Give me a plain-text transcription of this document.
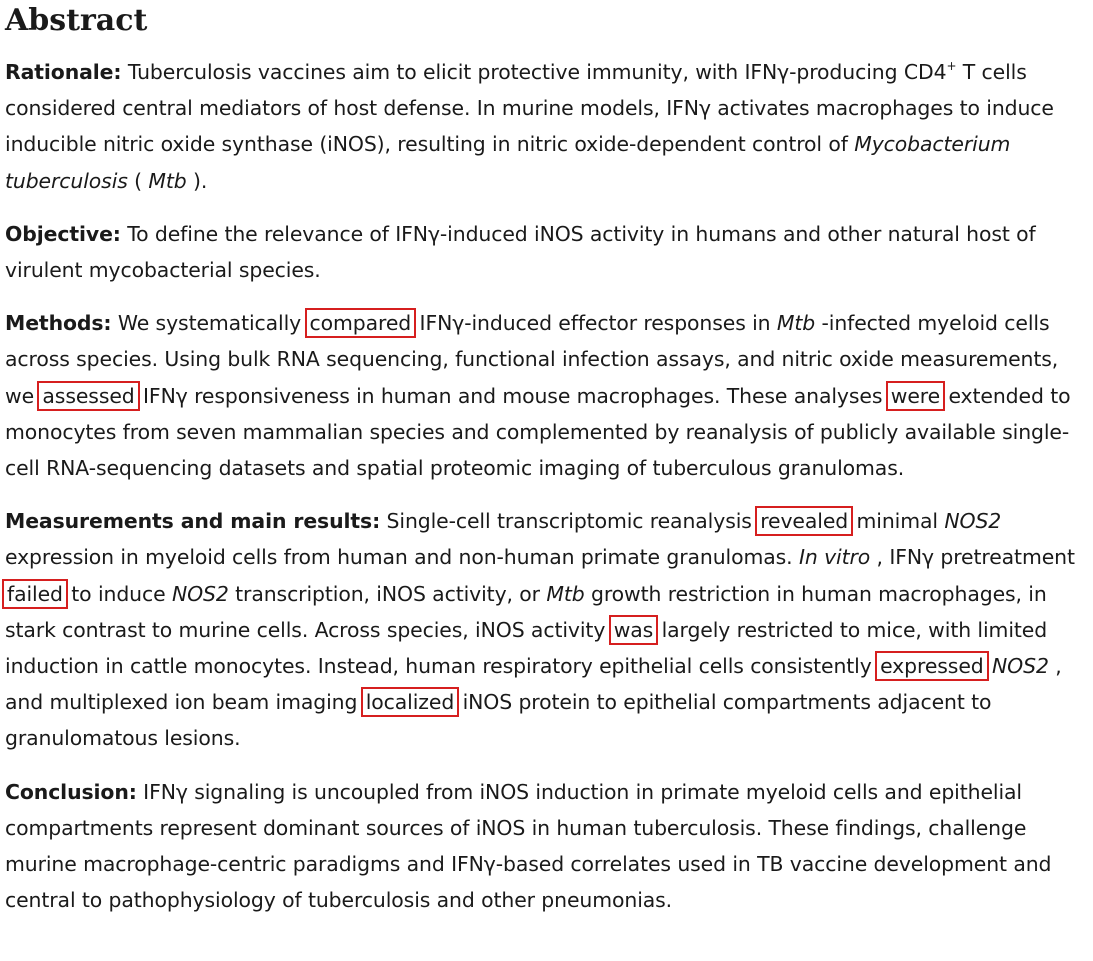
Abstract

Rationale: Tuberculosis vaccines aim to elicit protective immunity, with IFNγ-producing CD4+ T cells considered central mediators of host defense. In murine models, IFNγ activates macrophages to induce inducible nitric oxide synthase (iNOS), resulting in nitric oxide-dependent control of Mycobacterium tuberculosis ( Mtb ).

Objective: To define the relevance of IFNγ-induced iNOS activity in humans and other natural host of virulent mycobacterial species.

Methods: We systematically compared IFNγ-induced effector responses in Mtb -infected myeloid cells across species. Using bulk RNA sequencing, functional infection assays, and nitric oxide measurements, we assessed IFNγ responsiveness in human and mouse macrophages. These analyses were extended to monocytes from seven mammalian species and complemented by reanalysis of publicly available single-cell RNA-sequencing datasets and spatial proteomic imaging of tuberculous granulomas.

Measurements and main results: Single-cell transcriptomic reanalysis revealed minimal NOS2 expression in myeloid cells from human and non-human primate granulomas. In vitro , IFNγ pretreatment failed to induce NOS2 transcription, iNOS activity, or Mtb growth restriction in human macrophages, in stark contrast to murine cells. Across species, iNOS activity was largely restricted to mice, with limited induction in cattle monocytes. Instead, human respiratory epithelial cells consistently expressed NOS2 , and multiplexed ion beam imaging localized iNOS protein to epithelial compartments adjacent to granulomatous lesions.

Conclusion: IFNγ signaling is uncoupled from iNOS induction in primate myeloid cells and epithelial compartments represent dominant sources of iNOS in human tuberculosis. These findings, challenge murine macrophage-centric paradigms and IFNγ-based correlates used in TB vaccine development and central to pathophysiology of tuberculosis and other pneumonias.
